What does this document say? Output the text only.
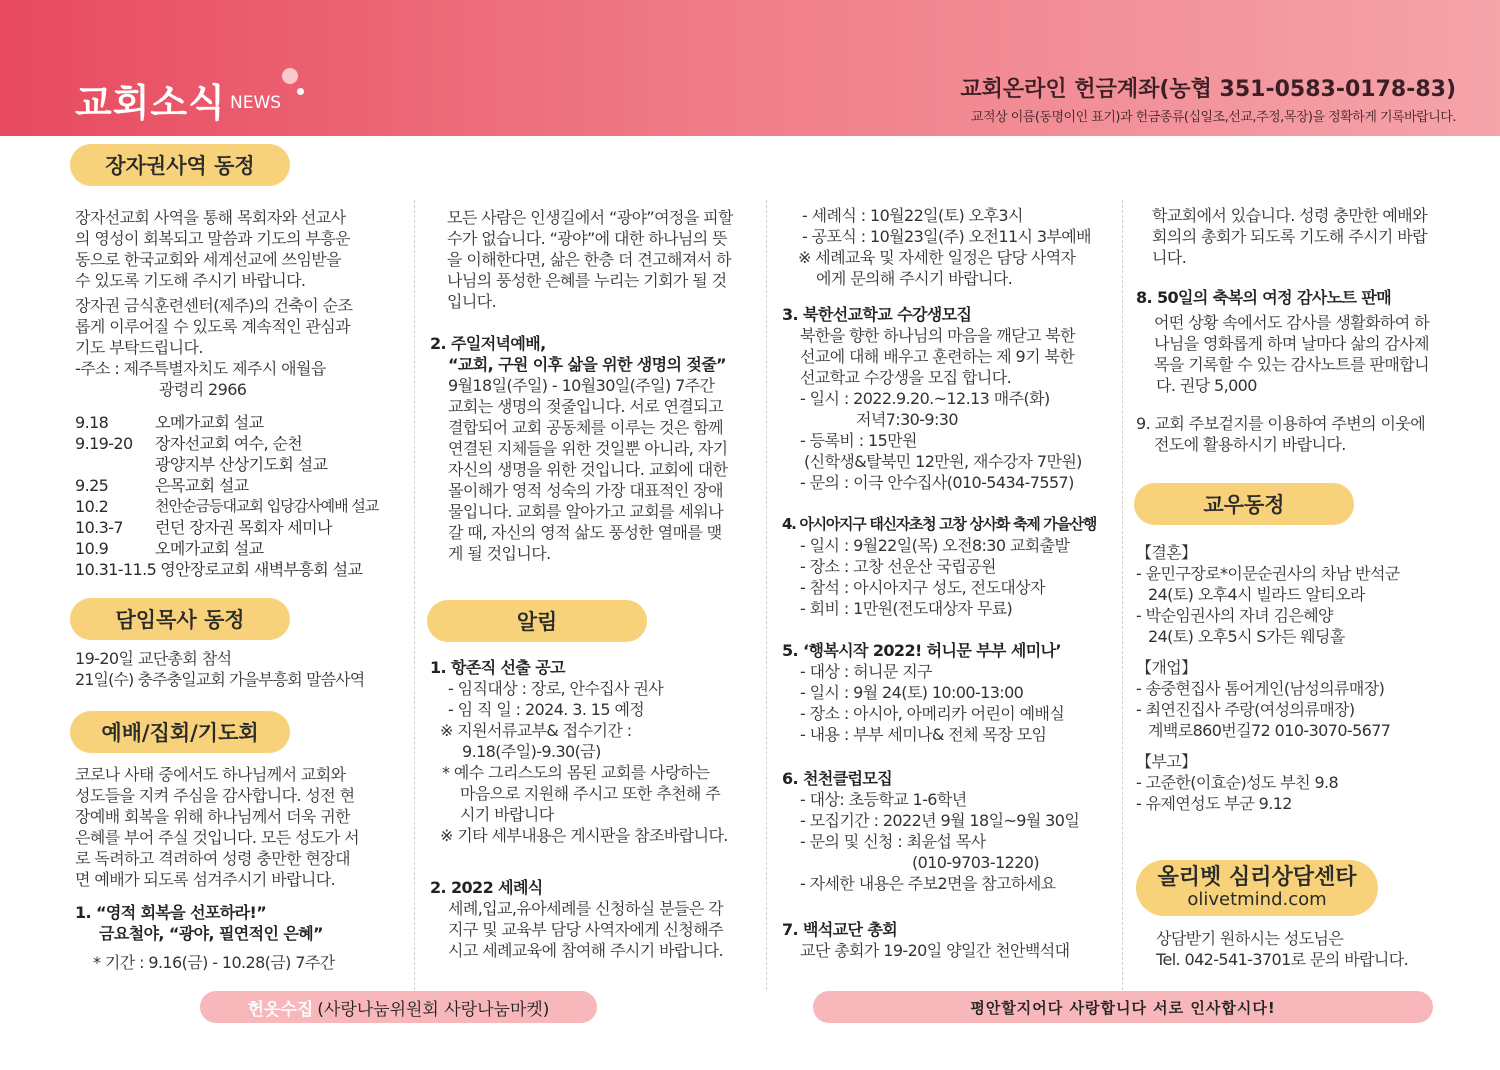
교회소식 NEWS
교회온라인 헌금계좌(농협 351-0583-0178-83)
교적상 이름(동명이인 표기)과 헌금종류(십일조,선교,주정,목장)을 정확하게 기록바랍니다.
장자권사역 동정

장자선교회 사역을 통해 목회자와 선교사

의 영성이 회복되고 말씀과 기도의 부흥운

동으로 한국교회와 세계선교에 쓰임받을

수 있도록 기도해 주시기 바랍니다.

장자권 금식훈련센터(제주)의 건축이 순조

롭게 이루어질 수 있도록 계속적인 관심과

기도 부탁드립니다.

-주소 : 제주특별자치도 제주시 애월읍

광령리 2966

9.18	오메가교회 설교
9.19-20	장자선교회 여수, 순천
광양지부 산상기도회 설교
9.25	은목교회 설교
10.2	천안순금등대교회 입당감사예배 설교
10.3-7	런던 장자권 목회자 세미나
10.9	오메가교회 설교
10.31-11.5 영안장로교회 새벽부흥회 설교
담임목사 동정

19-20일 교단총회 참석

21일(수) 충주충일교회 가을부흥회 말씀사역

예배/집회/기도회

코로나 사태 중에서도 하나님께서 교회와

성도들을 지켜 주심을 감사합니다. 성전 현

장예배 회복을 위해 하나님께서 더욱 귀한

은혜를 부어 주실 것입니다. 모든 성도가 서

로 독려하고 격려하여 성령 충만한 현장대

면 예배가 되도록 섬겨주시기 바랍니다.

1. “영적 회복을 선포하라!”

금요철야, “광야, 필연적인 은혜”

* 기간 : 9.16(금) - 10.28(금) 7주간

모든 사람은 인생길에서 “광야”여정을 피할

수가 없습니다. “광야”에 대한 하나님의 뜻

을 이해한다면, 삶은 한층 더 견고해져서 하

나님의 풍성한 은혜를 누리는 기회가 될 것

입니다.

2. 주일저녁예배,

“교회, 구원 이후 삶을 위한 생명의 젖줄”

9월18일(주일) - 10월30일(주일) 7주간

교회는 생명의 젖줄입니다. 서로 연결되고

결합되어 교회 공동체를 이루는 것은 함께

연결된 지체들을 위한 것일뿐 아니라, 자기

자신의 생명을 위한 것입니다. 교회에 대한

몰이해가 영적 성숙의 가장 대표적인 장애

물입니다. 교회를 알아가고 교회를 세워나

갈 때, 자신의 영적 삶도 풍성한 열매를 맺

게 될 것입니다.

알림

1. 항존직 선출 공고

- 임직대상 : 장로, 안수집사 권사

- 임 직 일 : 2024. 3. 15 예정

※ 지원서류교부& 접수기간 :

9.18(주일)-9.30(금)

* 예수 그리스도의 몸된 교회를 사랑하는

마음으로 지원해 주시고 또한 추천해 주

시기 바랍니다

※ 기타 세부내용은 게시판을 참조바랍니다.

2. 2022 세례식

세례,입교,유아세례를 신청하실 분들은 각

지구 및 교육부 담당 사역자에게 신청해주

시고 세례교육에 참여해 주시기 바랍니다.

- 세례식 : 10월22일(토) 오후3시

- 공포식 : 10월23일(주) 오전11시 3부예배

※ 세례교육 및 자세한 일정은 담당 사역자

에게 문의해 주시기 바랍니다.

3. 북한선교학교 수강생모집

북한을 향한 하나님의 마음을 깨닫고 북한

선교에 대해 배우고 훈련하는 제 9기 북한

선교학교 수강생을 모집 합니다.

- 일시 : 2022.9.20.~12.13 매주(화)

저녁7:30-9:30

- 등록비 : 15만원

(신학생&탈북민 12만원, 재수강자 7만원)

- 문의 : 이극 안수집사(010-5434-7557)

4. 아시아지구 태신자초청 고창 상사화 축제 가을산행

- 일시 : 9월22일(목) 오전8:30 교회출발

- 장소 : 고창 선운산 국립공원

- 참석 : 아시아지구 성도, 전도대상자

- 회비 : 1만원(전도대상자 무료)

5. ‘행복시작 2022! 허니문 부부 세미나’

- 대상 : 허니문 지구

- 일시 : 9월 24(토) 10:00-13:00

- 장소 : 아시아, 아메리카 어린이 예배실

- 내용 : 부부 세미나& 전체 목장 모임

6. 천천클럽모집

- 대상: 초등학교 1-6학년

- 모집기간 : 2022년 9월 18일~9월 30일

- 문의 및 신청 : 최윤섭 목사

(010-9703-1220)

- 자세한 내용은 주보2면을 참고하세요

7. 백석교단 총회

교단 총회가 19-20일 양일간 천안백석대

학교회에서 있습니다. 성령 충만한 예배와

회의의 총회가 되도록 기도해 주시기 바랍

니다.

8. 50일의 축복의 여정 감사노트 판매

어떤 상황 속에서도 감사를 생활화하여 하

나님을 영화롭게 하며 날마다 삶의 감사제

목을 기록할 수 있는 감사노트를 판매합니

다. 권당 5,000

9. 교회 주보겉지를 이용하여 주변의 이웃에

전도에 활용하시기 바랍니다.

교우동정

【결혼】

- 윤민구장로*이문순권사의 차남 반석군

24(토) 오후4시 빌라드 알티오라

- 박순임권사의 자녀 김은혜양

24(토) 오후5시 S가든 웨딩홀

【개업】

- 송중현집사 톰어게인(남성의류매장)

- 최연진집사 주랑(여성의류매장)

계백로860번길72 010-3070-5677

【부고】

- 고준한(이효순)성도 부친 9.8

- 유제연성도 부군 9.12

올리벳 심리상담센타
olivetmind.com

상담받기 원하시는 성도님은

Tel. 042-541-3701로 문의 바랍니다.

헌옷수집 (사랑나눔위원회 사랑나눔마켓)	평안할지어다 사랑합니다 서로 인사합시다!
